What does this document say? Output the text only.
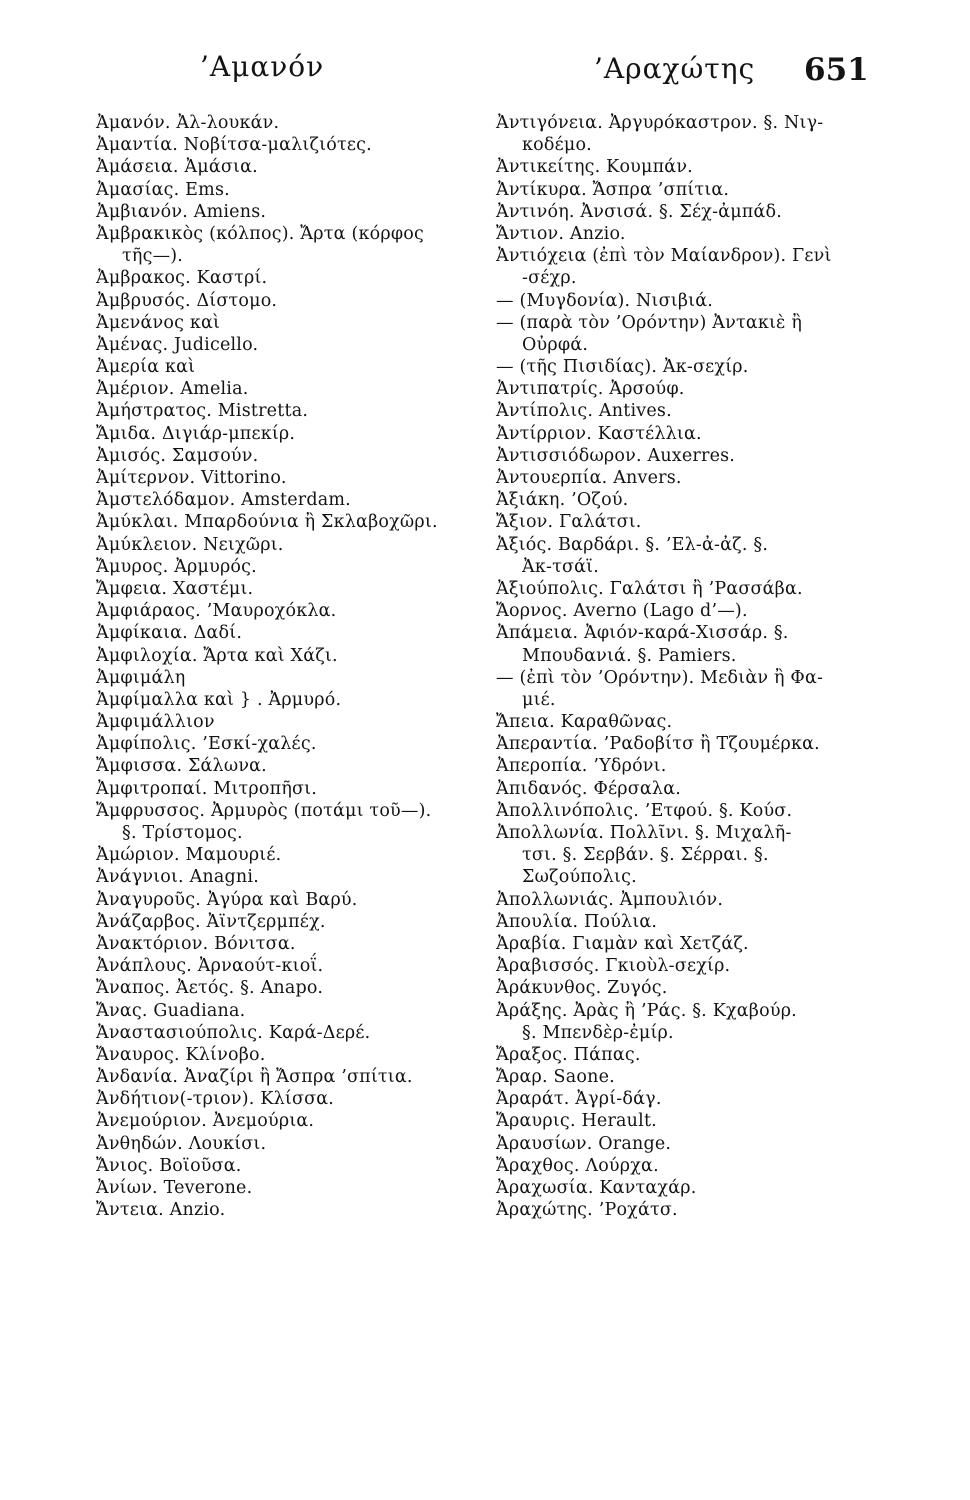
’Αμανόν	’Αραχώτης 651
Ἀμανόν. Ἀλ-λουκάν.
Ἀμαντία. Νοβίτσα-μαλιζιότες.
Ἀμάσεια. Ἀμάσια.
Ἀμασίας. Ems.
Ἀμβιανόν. Amiens.
Ἀμβρακικὸς (κόλπος). Ἄρτα (κόρφος
τῆς—).
Ἀμβρακος. Καστρί.
Ἀμβρυσός. Δίστομο.
Ἀμενάνος καὶ
Ἀμένας. Judicello.
Ἀμερία καὶ
Ἀμέριον. Amelia.
Ἀμήστρατος. Mistretta.
Ἄμιδα. Διγιάρ-μπεκίρ.
Ἀμισός. Σαμσούν.
Ἀμίτερνον. Vittorino.
Ἀμστελόδαμον. Amsterdam.
Ἀμύκλαι. Μπαρδούνια ἢ Σκλαβοχῶρι.
Ἀμύκλειον. Νειχῶρι.
Ἄμυρος. Ἀρμυρός.
Ἄμφεια. Χαστέμι.
Ἀμφιάραος. ’Μαυροχόκλα.
Ἀμφίκαια. Δαδί.
Ἀμφιλοχία. Ἄρτα καὶ Χάζι.
Ἀμφιμάλη
Ἀμφίμαλλα καὶ } . Ἀρμυρό.
Ἀμφιμάλλιον
Ἀμφίπολις. ’Εσκί-χαλές.
Ἄμφισσα. Σάλωνα.
Ἀμφιτροπαί. Μιτροπῆσι.
Ἄμφρυσσος. Ἀρμυρὸς (ποτάμι τοῦ—).
§. Τρίστομος.
Ἀμώριον. Μαμουριέ.
Ἀνάγνιοι. Anagni.
Ἀναγυροῦς. Ἀγύρα καὶ Βαρύ.
Ἀνάζαρβος. Ἀϊντζερμπέχ.
Ἀνακτόριον. Βόνιτσα.
Ἀνάπλους. Ἀρναούτ-κιοΐ.
Ἄναπος. Ἀετός. §. Anapo.
Ἄνας. Guadiana.
Ἀναστασιούπολις. Καρά-Δερέ.
Ἄναυρος. Κλίνοβο.
Ἀνδανία. Ἀναζίρι ἢ Ἄσπρα ’σπίτια.
Ἀνδήτιον(-τριον). Κλίσσα.
Ἀνεμούριον. Ἀνεμούρια.
Ἀνθηδών. Λουκίσι.
Ἄνιος. Βοϊοῦσα.
Ἀνίων. Teverone.
Ἄντεια. Anzio.
Ἀντιγόνεια. Ἀργυρόκαστρον. §. Νιγ-
κοδέμο.
Ἀντικείτης. Κουμπάν.
Ἀντίκυρα. Ἄσπρα ’σπίτια.
Ἀντινόη. Ἀνσισά. §. Σέχ-ἀμπάδ.
Ἄντιον. Anzio.
Ἀντιόχεια (ἐπὶ τὸν Μαίανδρον). Γενὶ
-σέχρ.
— (Μυγδονία). Νισιβιά.
— (παρὰ τὸν ’Ορόντην) Ἀντακιὲ ἢ
Οὐρφά.
— (τῆς Πισιδίας). Ἀκ-σεχίρ.
Ἀντιπατρίς. Ἀρσούφ.
Ἀντίπολις. Antives.
Ἀντίρριον. Καστέλλια.
Ἀντισσιόδωρον. Auxerres.
Ἀντουερπία. Anvers.
Ἀξιάκη. ’Οζού.
Ἄξιον. Γαλάτσι.
Ἀξιός. Βαρδάρι. §. ’Ελ-ἀ-ἀζ. §.
Ἀκ-τσάϊ.
Ἀξιούπολις. Γαλάτσι ἢ ’Ρασσάβα.
Ἄορνος. Averno (Lago d’—).
Ἀπάμεια. Ἀφιόν-καρά-Χισσάρ. §.
Μπουδανιά. §. Pamiers.
— (ἐπὶ τὸν ’Ορόντην). Μεδιὰν ἢ Φα-
μιέ.
Ἄπεια. Καραθῶνας.
Ἀπεραντία. ’Ραδοβίτσ ἢ Τζουμέρκα.
Ἀπεροπία. ’Υδρόνι.
Ἀπιδανός. Φέρσαλα.
Ἀπολλινόπολις. ’Ετφού. §. Κούσ.
Ἀπολλωνία. Πολλῖνι. §. Μιχαλῆ-
τσι. §. Σερβάν. §. Σέρραι. §.
Σωζούπολις.
Ἀπολλωνιάς. Ἀμπουλιόν.
Ἀπουλία. Πούλια.
Ἀραβία. Γιαμὰν καὶ Χετζάζ.
Ἀραβισσός. Γκιοὺλ-σεχίρ.
Ἀράκυνθος. Ζυγός.
Ἀράξης. Ἀρὰς ἢ ’Ράς. §. Κχαβούρ.
§. Μπενδὲρ-ἐμίρ.
Ἄραξος. Πάπας.
Ἄραρ. Saone.
Ἀραράτ. Ἀγρί-δάγ.
Ἄραυρις. Herault.
Ἀραυσίων. Orange.
Ἄραχθος. Λούρχα.
Ἀραχωσία. Κανταχάρ.
Ἀραχώτης. ’Ροχάτσ.
